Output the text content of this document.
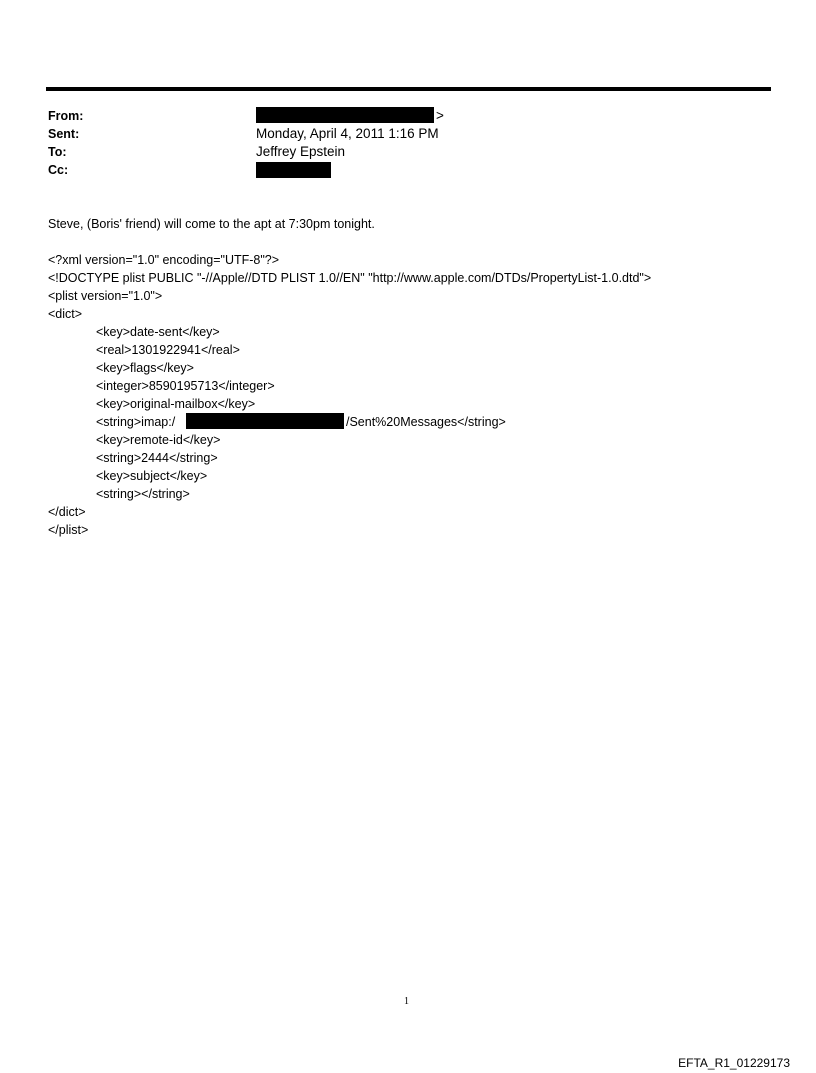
From:	>
Sent:	Monday, April 4, 2011 1:16 PM
To:	Jeffrey Epstein
Cc:
Steve, (Boris' friend) will come to the apt at 7:30pm tonight.
<?xml version="1.0" encoding="UTF-8"?>
<!DOCTYPE plist PUBLIC "-//Apple//DTD PLIST 1.0//EN" "http://www.apple.com/DTDs/PropertyList-1.0.dtd">
<plist version="1.0">
<dict>
<key>date-sent</key>
<real>1301922941</real>
<key>flags</key>
<integer>8590195713</integer>
<key>original-mailbox</key>
<string>imap:/	/Sent%20Messages</string>
<key>remote-id</key>
<string>2444</string>
<key>subject</key>
<string></string>
</dict>
</plist>
1
EFTA_R1_01229173
